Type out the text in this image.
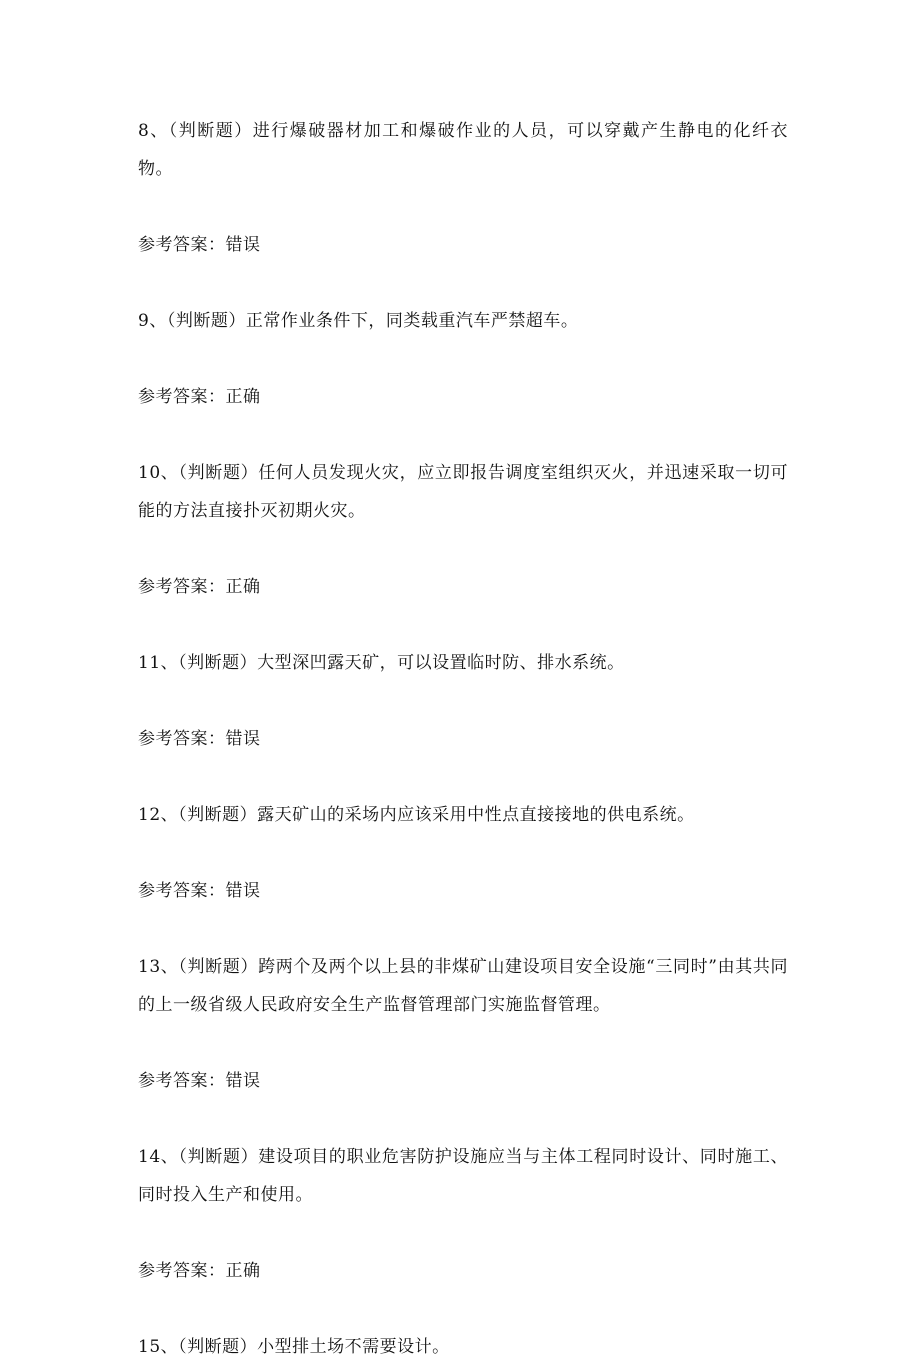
8、（判断题）进行爆破器材加工和爆破作业的人员，可以穿戴产生静电的化纤衣物。

参考答案：错误

9、（判断题）正常作业条件下，同类载重汽车严禁超车。

参考答案：正确

10、（判断题）任何人员发现火灾，应立即报告调度室组织灭火，并迅速采取一切可能的方法直接扑灭初期火灾。

参考答案：正确

11、（判断题）大型深凹露天矿，可以设置临时防、排水系统。

参考答案：错误

12、（判断题）露天矿山的采场内应该采用中性点直接接地的供电系统。

参考答案：错误

13、（判断题）跨两个及两个以上县的非煤矿山建设项目安全设施“三同时”由其共同的上一级省级人民政府安全生产监督管理部门实施监督管理。

参考答案：错误

14、（判断题）建设项目的职业危害防护设施应当与主体工程同时设计、同时施工、同时投入生产和使用。

参考答案：正确

15、（判断题）小型排土场不需要设计。
